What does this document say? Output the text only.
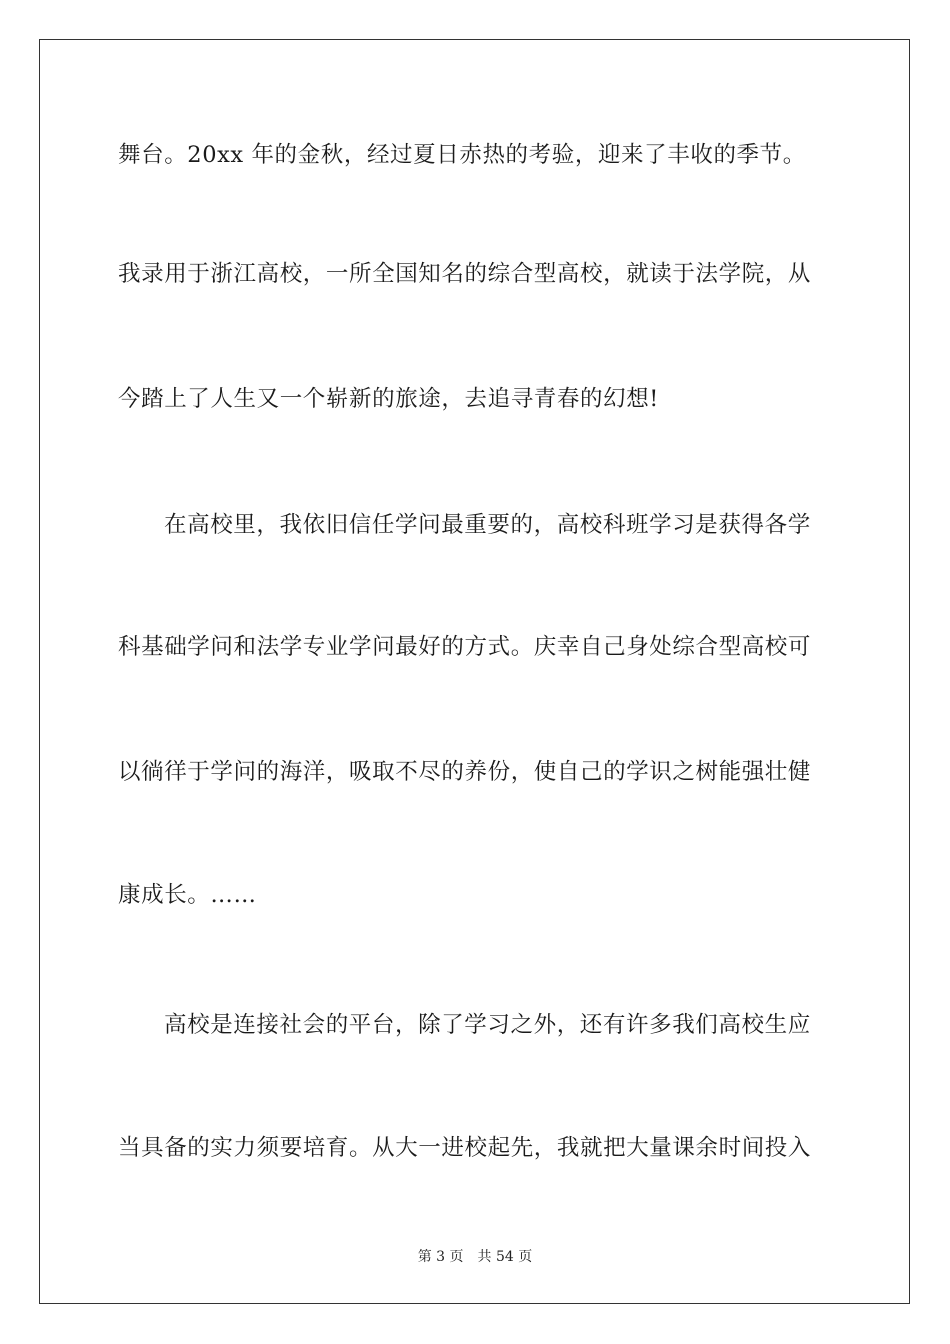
舞台。20xx 年的金秋，经过夏日赤热的考验，迎来了丰收的季节。
我录用于浙江高校，一所全国知名的综合型高校，就读于法学院，从
今踏上了人生又一个崭新的旅途，去追寻青春的幻想!
在高校里，我依旧信任学问最重要的，高校科班学习是获得各学
科基础学问和法学专业学问最好的方式。庆幸自己身处综合型高校可
以徜徉于学问的海洋，吸取不尽的养份，使自己的学识之树能强壮健
康成长。……
高校是连接社会的平台，除了学习之外，还有许多我们高校生应
当具备的实力须要培育。从大一进校起先，我就把大量课余时间投入
第 3 页 共 54 页
